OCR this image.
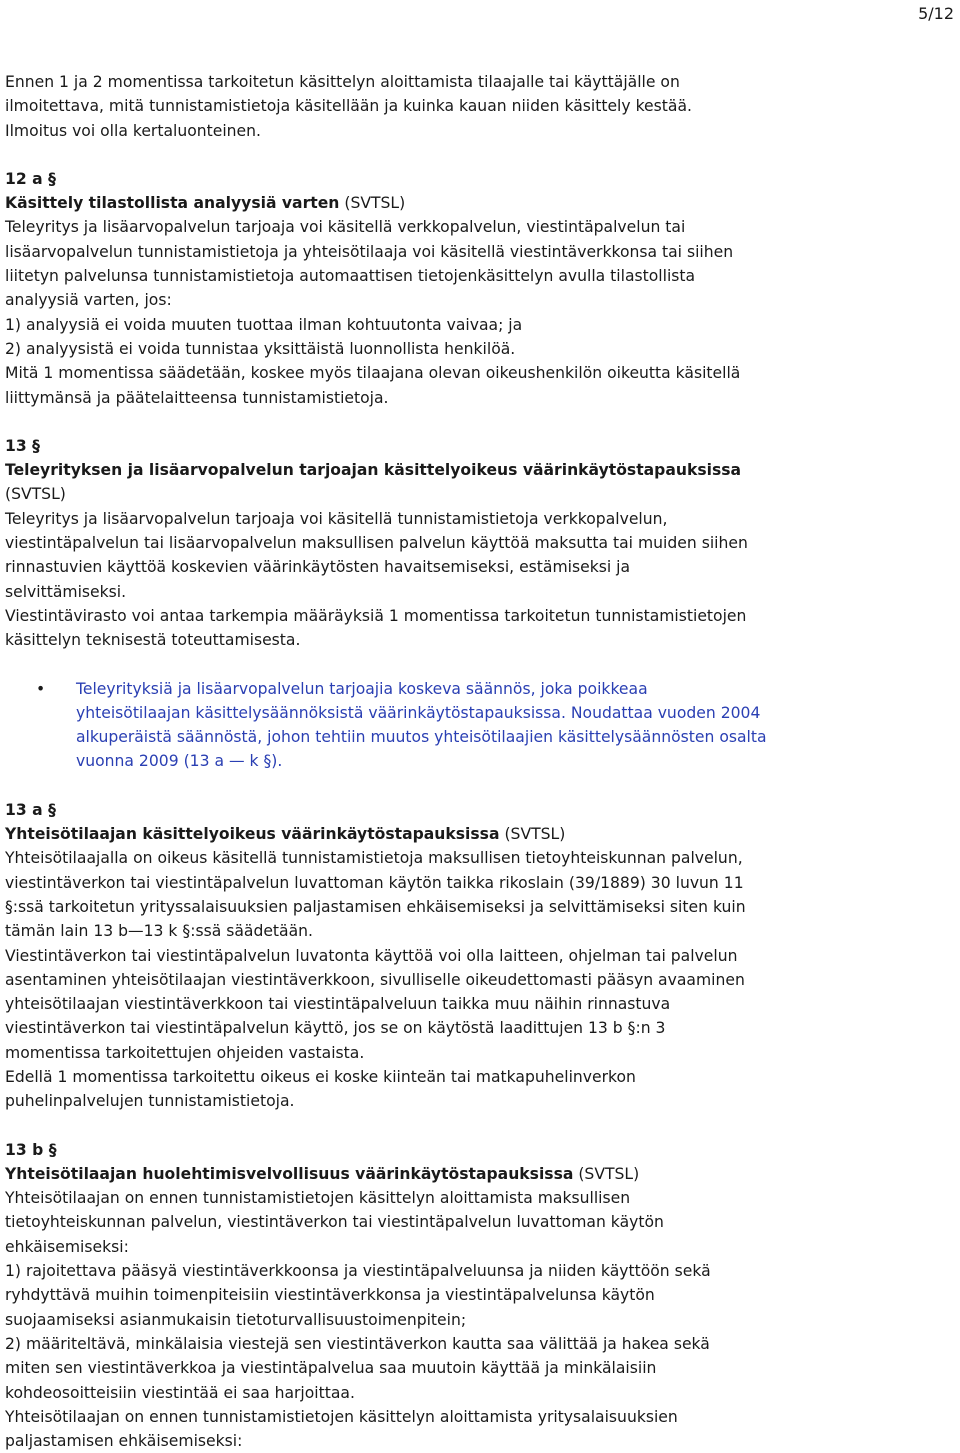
5/12

Ennen 1 ja 2 momentissa tarkoitetun käsittelyn aloittamista tilaajalle tai käyttäjälle on

ilmoitettava, mitä tunnistamistietoja käsitellään ja kuinka kauan niiden käsittely kestää.

Ilmoitus voi olla kertaluonteinen.

12 a §

Käsittely tilastollista analyysiä varten (SVTSL)

Teleyritys ja lisäarvopalvelun tarjoaja voi käsitellä verkkopalvelun, viestintäpalvelun tai

lisäarvopalvelun tunnistamistietoja ja yhteisötilaaja voi käsitellä viestintäverkkonsa tai siihen

liitetyn palvelunsa tunnistamistietoja automaattisen tietojenkäsittelyn avulla tilastollista

analyysiä varten, jos:

1) analyysiä ei voida muuten tuottaa ilman kohtuutonta vaivaa; ja

2) analyysistä ei voida tunnistaa yksittäistä luonnollista henkilöä.

Mitä 1 momentissa säädetään, koskee myös tilaajana olevan oikeushenkilön oikeutta käsitellä

liittymänsä ja päätelaitteensa tunnistamistietoja.

13 §

Teleyrityksen ja lisäarvopalvelun tarjoajan käsittelyoikeus väärinkäytöstapauksissa

(SVTSL)

Teleyritys ja lisäarvopalvelun tarjoaja voi käsitellä tunnistamistietoja verkkopalvelun,

viestintäpalvelun tai lisäarvopalvelun maksullisen palvelun käyttöä maksutta tai muiden siihen

rinnastuvien käyttöä koskevien väärinkäytösten havaitsemiseksi, estämiseksi ja

selvittämiseksi.

Viestintävirasto voi antaa tarkempia määräyksiä 1 momentissa tarkoitetun tunnistamistietojen

käsittelyn teknisestä toteuttamisesta.

• Teleyrityksiä ja lisäarvopalvelun tarjoajia koskeva säännös, joka poikkeaa

yhteisötilaajan käsittelysäännöksistä väärinkäytöstapauksissa. Noudattaa vuoden 2004

alkuperäistä säännöstä, johon tehtiin muutos yhteisötilaajien käsittelysäännösten osalta

vuonna 2009 (13 a — k §).

13 a §

Yhteisötilaajan käsittelyoikeus väärinkäytöstapauksissa (SVTSL)

Yhteisötilaajalla on oikeus käsitellä tunnistamistietoja maksullisen tietoyhteiskunnan palvelun,

viestintäverkon tai viestintäpalvelun luvattoman käytön taikka rikoslain (39/1889) 30 luvun 11

§:ssä tarkoitetun yrityssalaisuuksien paljastamisen ehkäisemiseksi ja selvittämiseksi siten kuin

tämän lain 13 b—13 k §:ssä säädetään.

Viestintäverkon tai viestintäpalvelun luvatonta käyttöä voi olla laitteen, ohjelman tai palvelun

asentaminen yhteisötilaajan viestintäverkkoon, sivulliselle oikeudettomasti pääsyn avaaminen

yhteisötilaajan viestintäverkkoon tai viestintäpalveluun taikka muu näihin rinnastuva

viestintäverkon tai viestintäpalvelun käyttö, jos se on käytöstä laadittujen 13 b §:n 3

momentissa tarkoitettujen ohjeiden vastaista.

Edellä 1 momentissa tarkoitettu oikeus ei koske kiinteän tai matkapuhelinverkon

puhelinpalvelujen tunnistamistietoja.

13 b §

Yhteisötilaajan huolehtimisvelvollisuus väärinkäytöstapauksissa (SVTSL)

Yhteisötilaajan on ennen tunnistamistietojen käsittelyn aloittamista maksullisen

tietoyhteiskunnan palvelun, viestintäverkon tai viestintäpalvelun luvattoman käytön

ehkäisemiseksi:

1) rajoitettava pääsyä viestintäverkkoonsa ja viestintäpalveluunsa ja niiden käyttöön sekä

ryhdyttävä muihin toimenpiteisiin viestintäverkkonsa ja viestintäpalvelunsa käytön

suojaamiseksi asianmukaisin tietoturvallisuustoimenpitein;

2) määriteltävä, minkälaisia viestejä sen viestintäverkon kautta saa välittää ja hakea sekä

miten sen viestintäverkkoa ja viestintäpalvelua saa muutoin käyttää ja minkälaisiin

kohdeosoitteisiin viestintää ei saa harjoittaa.

Yhteisötilaajan on ennen tunnistamistietojen käsittelyn aloittamista yritysalaisuuksien

paljastamisen ehkäisemiseksi:
